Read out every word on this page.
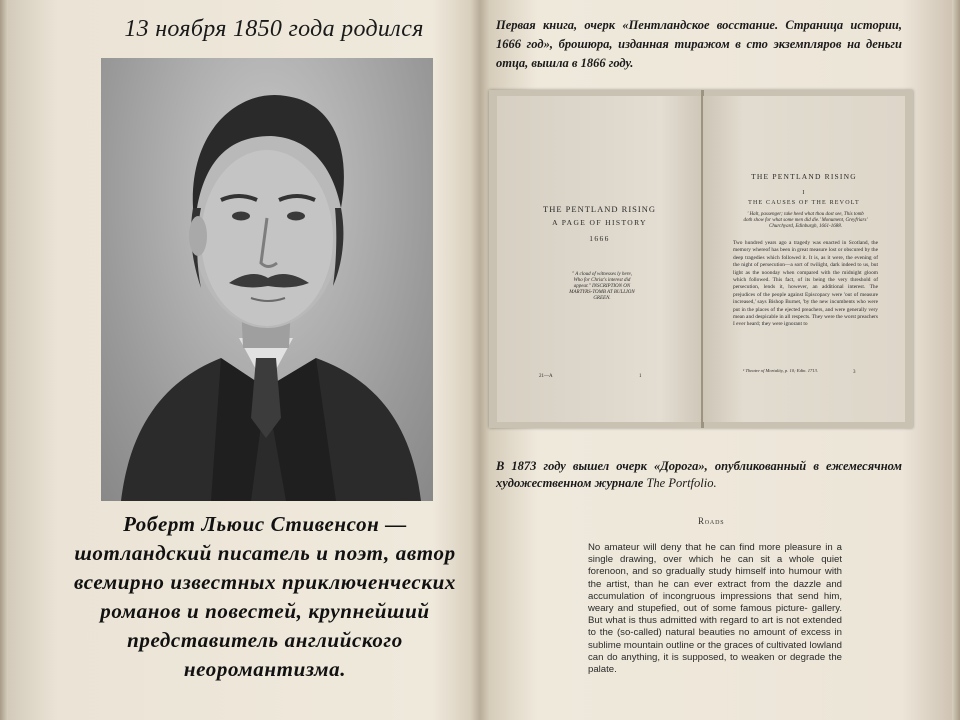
13 ноября 1850 года родился
Роберт Льюис Стивенсон — шотландский писатель и поэт, автор всемирно известных приключенческих романов и повестей, крупнейший представитель английского неоромантизма.
Первая книга, очерк «Пентландское восстание. Страница истории, 1666 год», брошюра, изданная тиражом в сто экземпляров на деньги отца, вышла в 1866 году.
THE PENTLAND RISING
A PAGE OF HISTORY
1666
" A cloud of witnesses ly here, Who for Christ's interest did appear." INSCRIPTION ON MARTYRS-TOMB AT BULLION GREEN.
21—A	1
THE PENTLAND RISING
I
THE CAUSES OF THE REVOLT
' Halt, passenger; take heed what thou dost see, This tomb doth show for what some men did die.' Monument, Greyfriars' Churchyard, Edinburgh, 1661-1688.
Two hundred years ago a tragedy was enacted in Scotland, the memory whereof has been in great measure lost or obscured by the deep tragedies which followed it. It is, as it were, the evening of the night of persecution—a sort of twilight, dark indeed to us, but light as the noonday when compared with the midnight gloom which followed. This fact, of its being the very threshold of persecution, lends it, however, an additional interest. The prejudices of the people against Episcopacy were 'out of measure increased,' says Bishop Burnet, 'by the new incumbents who were put in the places of the ejected preachers, and were generally very mean and despicable in all respects. They were the worst preachers I ever heard; they were ignorant to
¹ Theatre of Mortality, p. 10; Edin. 1713.	3
В 1873 году вышел очерк «Дорога», опубликованный в ежемесячном художественном журнале The Portfolio.
Roads
No amateur will deny that he can find more pleasure in a single drawing, over which he can sit a whole quiet forenoon, and so gradually study himself into humour with the artist, than he can ever extract from the dazzle and accumulation of incongruous impressions that send him, weary and stupefied, out of some famous picture- gallery. But what is thus admitted with regard to art is not extended to the (so-called) natural beauties no amount of excess in sublime mountain outline or the graces of cultivated lowland can do anything, it is supposed, to weaken or degrade the palate.
